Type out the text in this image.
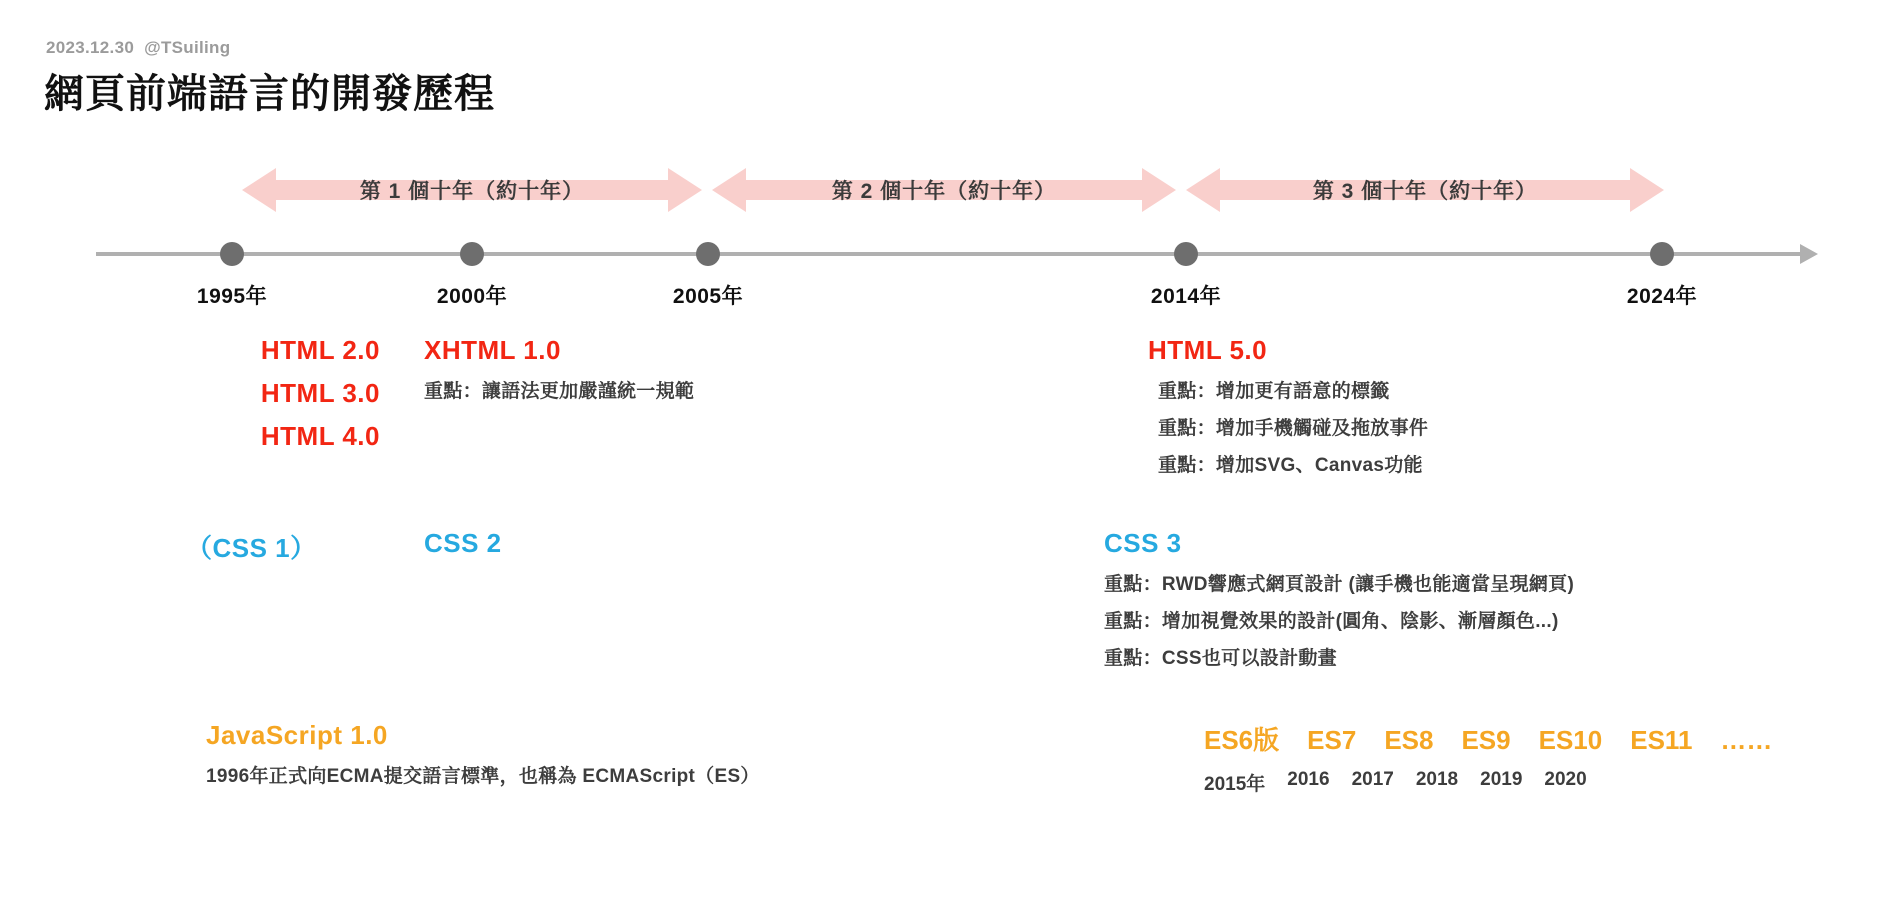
2023.12.30 @TSuiling
網頁前端語言的開發歷程
第 1 個十年（約十年）	第 2 個十年（約十年）	第 3 個十年（約十年）
1995年	2000年	2005年	2014年	2024年
HTML 2.0
HTML 3.0
HTML 4.0
XHTML 1.0
重點：讓語法更加嚴謹統一規範
HTML 5.0
重點：增加更有語意的標籤
重點：增加手機觸碰及拖放事件
重點：增加SVG、Canvas功能
（CSS 1）	CSS 2	CSS 3
重點：RWD響應式網頁設計 (讓手機也能適當呈現網頁)
重點：增加視覺效果的設計(圓角、陰影、漸層顏色...)
重點：CSS也可以設計動畫
JavaScript 1.0
1996年正式向ECMA提交語言標準，也稱為 ECMAScript（ES）
ES6版 ES7 ES8 ES9 ES10 ES11 ……
2015年 2016 2017 2018 2019 2020
